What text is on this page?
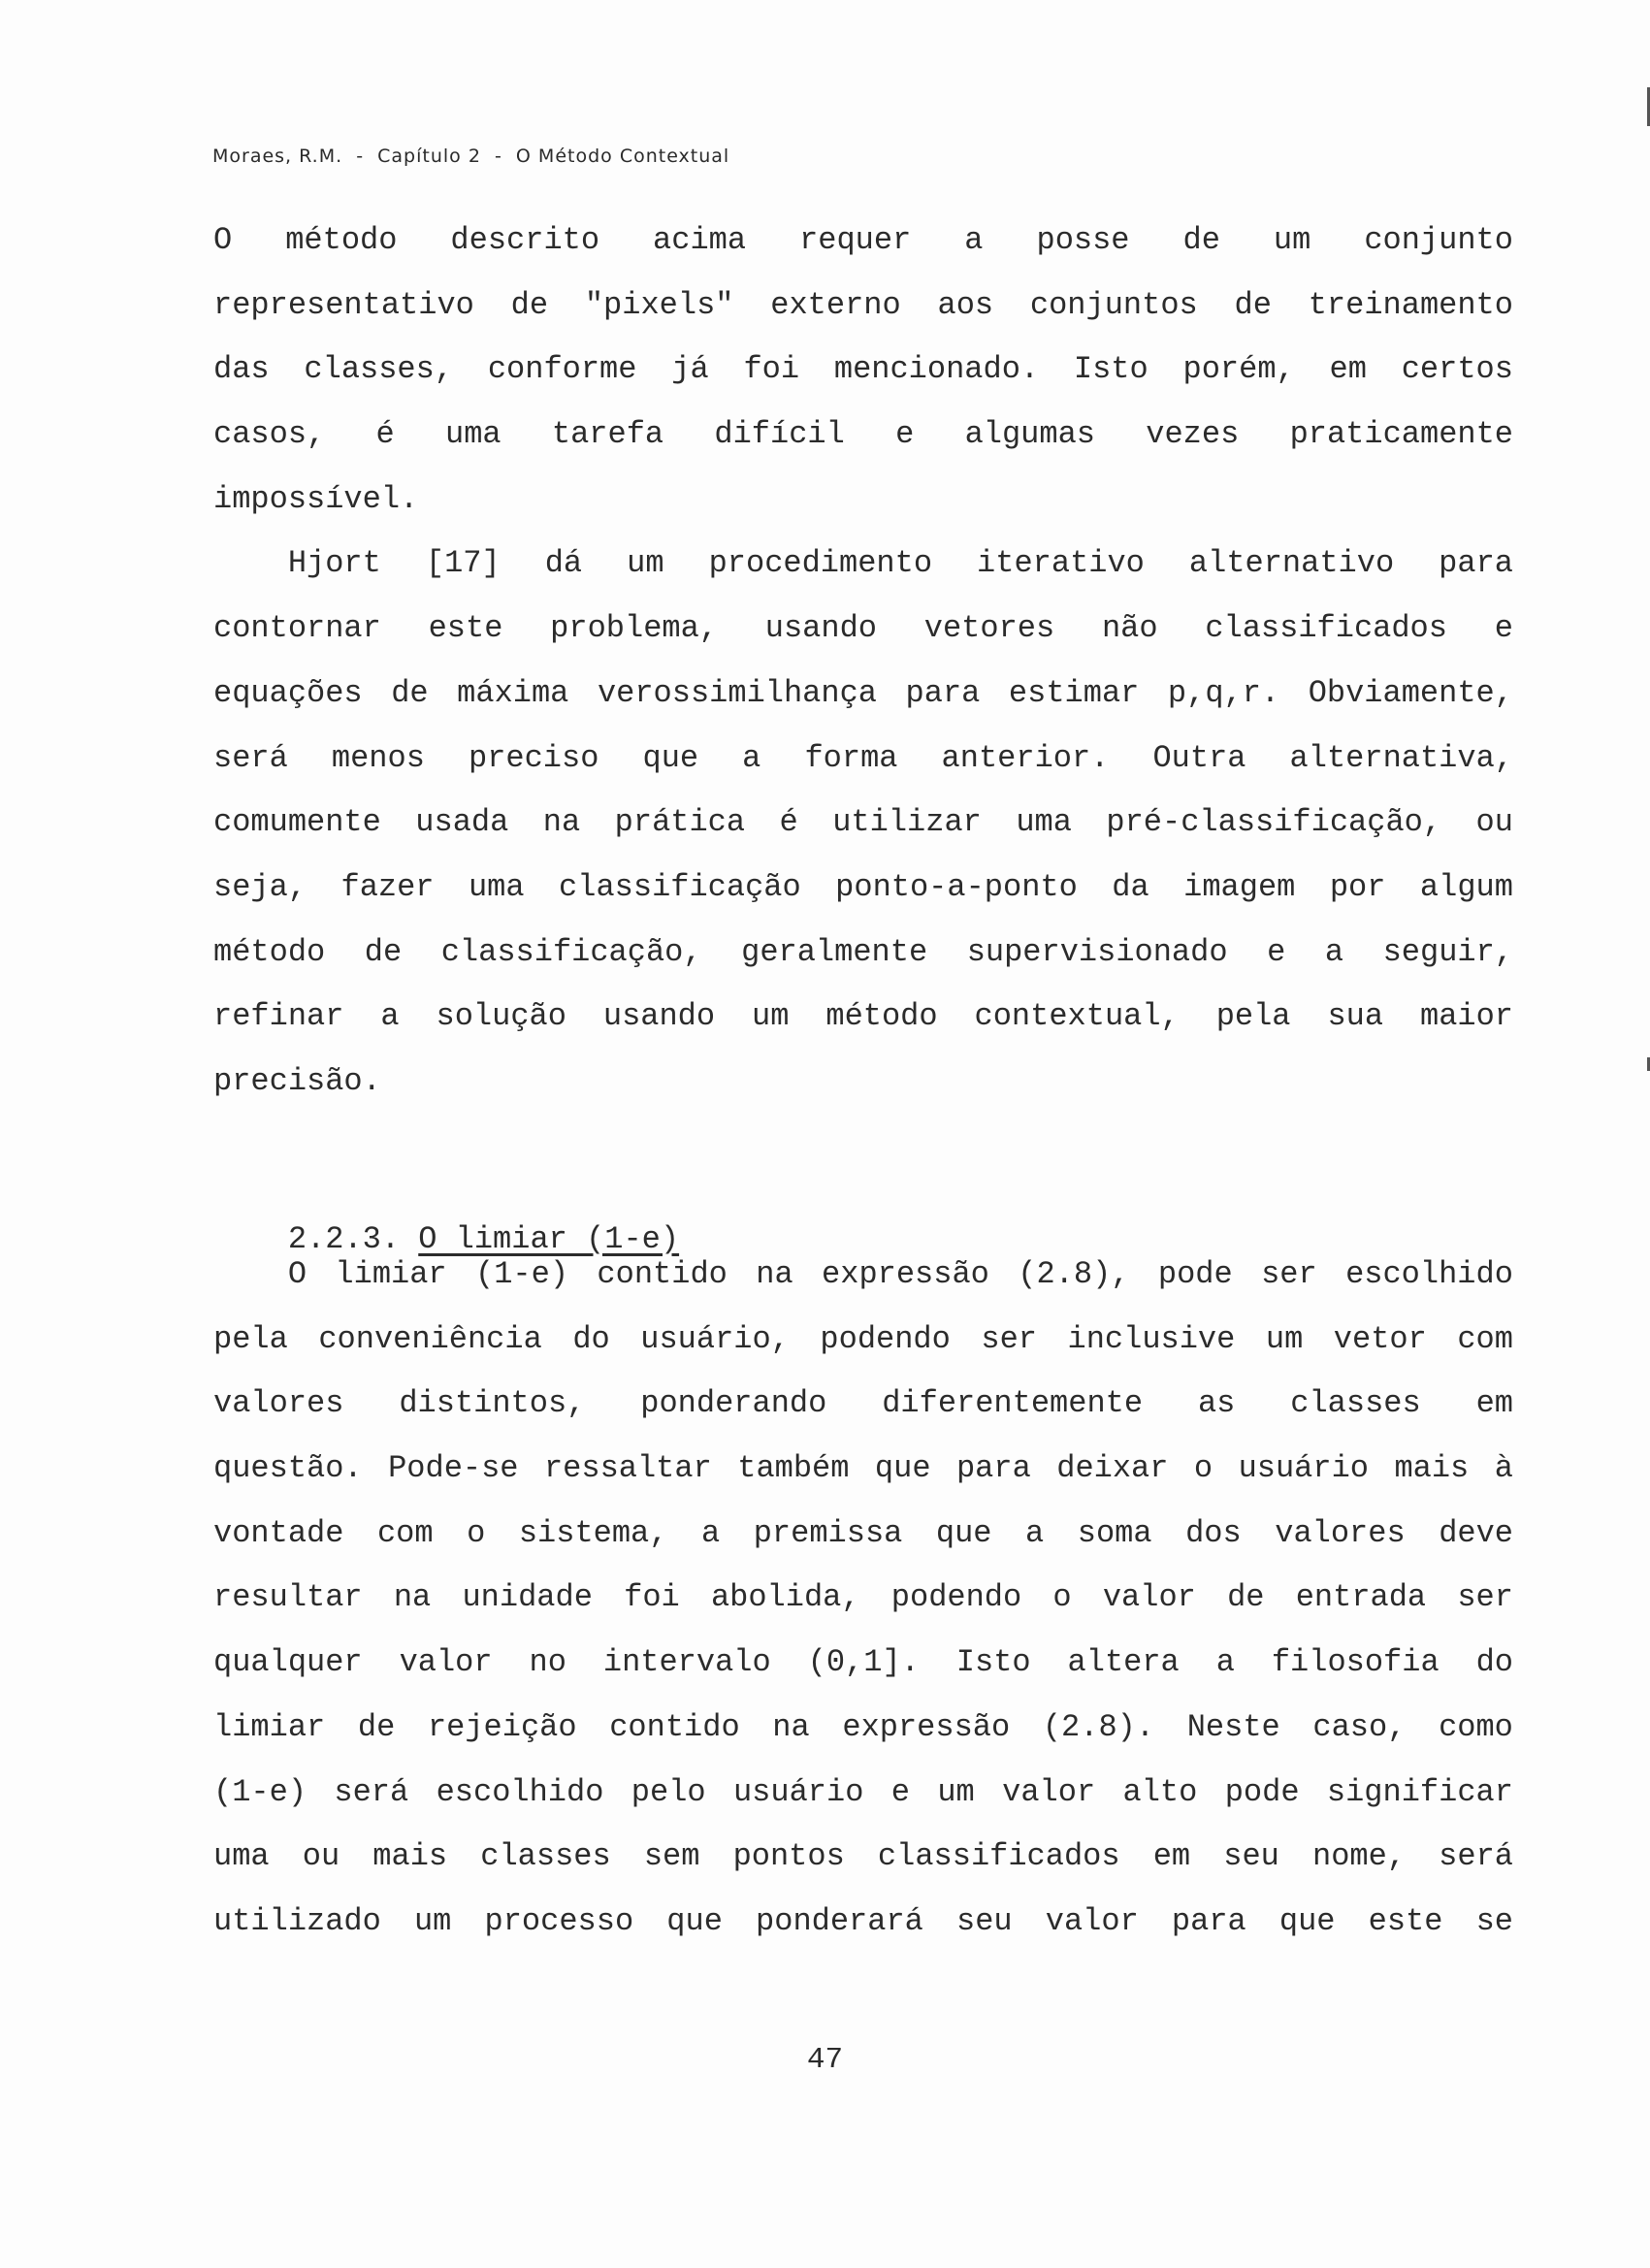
Moraes, R.M.  -  Capítulo 2  -  O Método Contextual
O método descrito acima requer a posse de um conjunto
representativo de "pixels" externo aos conjuntos de treinamento
das classes, conforme já foi mencionado. Isto porém, em certos
casos, é uma tarefa difícil e algumas vezes praticamente
impossível.
Hjort [17] dá um procedimento iterativo alternativo para
contornar este problema, usando vetores não classificados e
equações de máxima verossimilhança para estimar p,q,r. Obviamente,
será menos preciso que a forma anterior. Outra alternativa,
comumente usada na prática é utilizar uma pré-classificação, ou
seja, fazer uma classificação ponto-a-ponto da imagem por algum
método de classificação, geralmente supervisionado e a seguir,
refinar a solução usando um método contextual, pela sua maior
precisão.

2.2.3. O limiar (1-e)

O limiar (1-e) contido na expressão (2.8), pode ser escolhido
pela conveniência do usuário, podendo ser inclusive um vetor com
valores distintos, ponderando diferentemente as classes em
questão. Pode-se ressaltar também que para deixar o usuário mais à
vontade com o sistema, a premissa que a soma dos valores deve
resultar na unidade foi abolida, podendo o valor de entrada ser
qualquer valor no intervalo (0,1]. Isto altera a filosofia do
limiar de rejeição contido na expressão (2.8). Neste caso, como
(1-e) será escolhido pelo usuário e um valor alto pode significar
uma ou mais classes sem pontos classificados em seu nome, será
utilizado um processo que ponderará seu valor para que este se
47
